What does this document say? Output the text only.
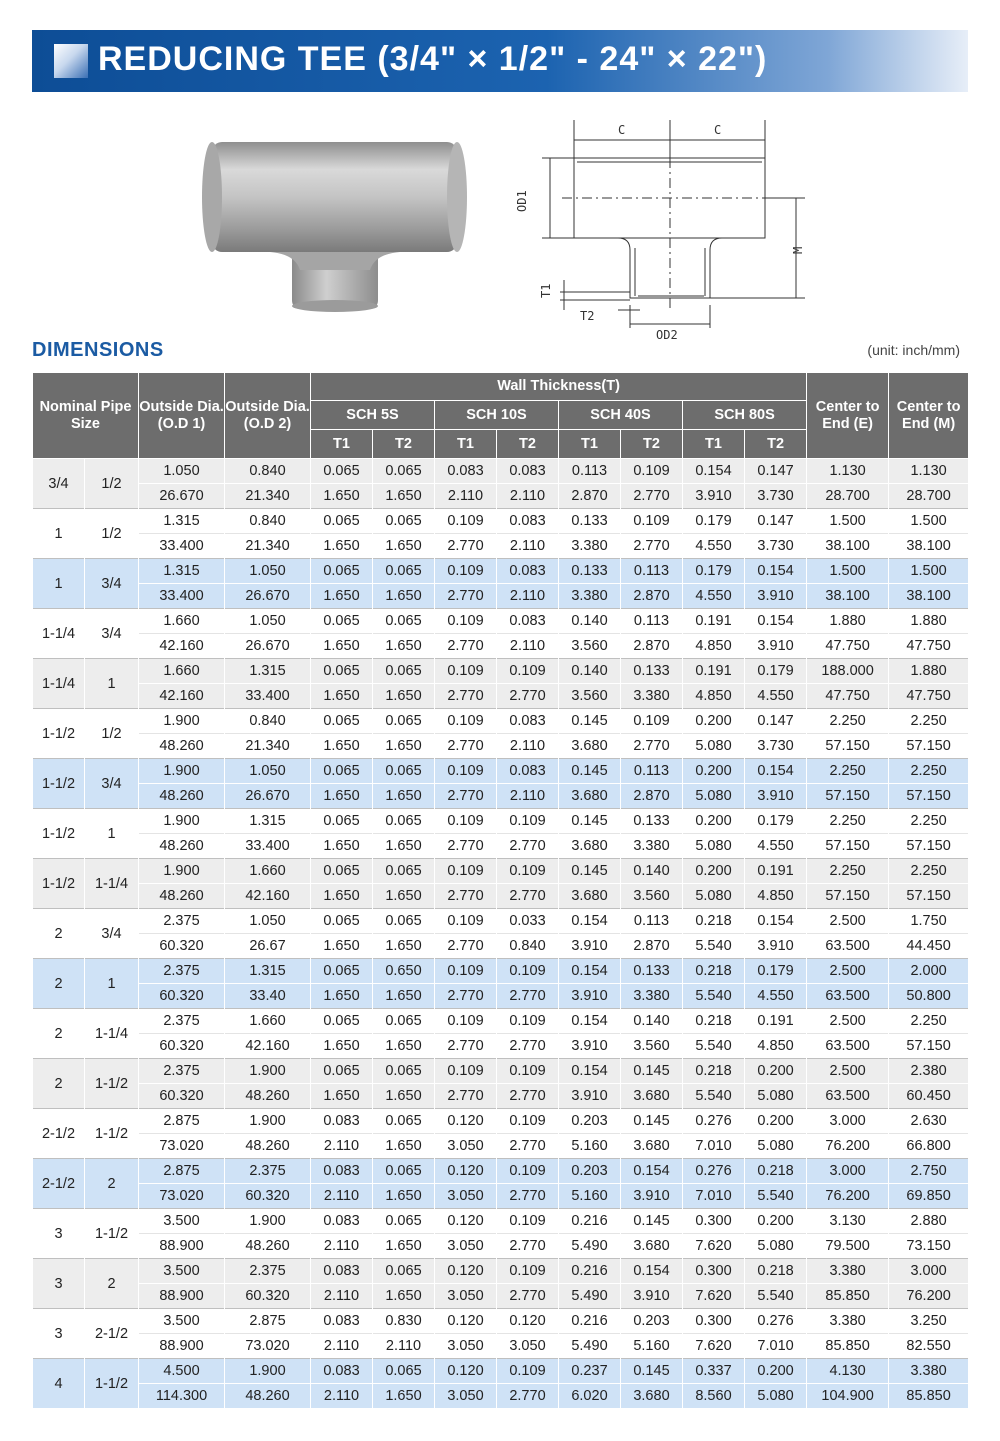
REDUCING TEE (3/4" × 1/2" - 24" × 22")
C	C
OD1
T1
T2
OD2
M
DIMENSIONS	(unit: inch/mm)
Nominal Pipe Size		Outside Dia. (O.D 1)	Outside Dia. (O.D 2)	Wall Thickness(T)								Center to End (E)	Center to End (M)
				SCH 5S		SCH 10S		SCH 40S		SCH 80S			
				T1	T2	T1	T2	T1	T2	T1	T2		
3/4	1/2	1.050	0.840	0.065	0.065	0.083	0.083	0.113	0.109	0.154	0.147	1.130	1.130
		26.670	21.340	1.650	1.650	2.110	2.110	2.870	2.770	3.910	3.730	28.700	28.700
1	1/2	1.315	0.840	0.065	0.065	0.109	0.083	0.133	0.109	0.179	0.147	1.500	1.500
		33.400	21.340	1.650	1.650	2.770	2.110	3.380	2.770	4.550	3.730	38.100	38.100
1	3/4	1.315	1.050	0.065	0.065	0.109	0.083	0.133	0.113	0.179	0.154	1.500	1.500
		33.400	26.670	1.650	1.650	2.770	2.110	3.380	2.870	4.550	3.910	38.100	38.100
1-1/4	3/4	1.660	1.050	0.065	0.065	0.109	0.083	0.140	0.113	0.191	0.154	1.880	1.880
		42.160	26.670	1.650	1.650	2.770	2.110	3.560	2.870	4.850	3.910	47.750	47.750
1-1/4	1	1.660	1.315	0.065	0.065	0.109	0.109	0.140	0.133	0.191	0.179	188.000	1.880
		42.160	33.400	1.650	1.650	2.770	2.770	3.560	3.380	4.850	4.550	47.750	47.750
1-1/2	1/2	1.900	0.840	0.065	0.065	0.109	0.083	0.145	0.109	0.200	0.147	2.250	2.250
		48.260	21.340	1.650	1.650	2.770	2.110	3.680	2.770	5.080	3.730	57.150	57.150
1-1/2	3/4	1.900	1.050	0.065	0.065	0.109	0.083	0.145	0.113	0.200	0.154	2.250	2.250
		48.260	26.670	1.650	1.650	2.770	2.110	3.680	2.870	5.080	3.910	57.150	57.150
1-1/2	1	1.900	1.315	0.065	0.065	0.109	0.109	0.145	0.133	0.200	0.179	2.250	2.250
		48.260	33.400	1.650	1.650	2.770	2.770	3.680	3.380	5.080	4.550	57.150	57.150
1-1/2	1-1/4	1.900	1.660	0.065	0.065	0.109	0.109	0.145	0.140	0.200	0.191	2.250	2.250
		48.260	42.160	1.650	1.650	2.770	2.770	3.680	3.560	5.080	4.850	57.150	57.150
2	3/4	2.375	1.050	0.065	0.065	0.109	0.033	0.154	0.113	0.218	0.154	2.500	1.750
		60.320	26.67	1.650	1.650	2.770	0.840	3.910	2.870	5.540	3.910	63.500	44.450
2	1	2.375	1.315	0.065	0.650	0.109	0.109	0.154	0.133	0.218	0.179	2.500	2.000
		60.320	33.40	1.650	1.650	2.770	2.770	3.910	3.380	5.540	4.550	63.500	50.800
2	1-1/4	2.375	1.660	0.065	0.065	0.109	0.109	0.154	0.140	0.218	0.191	2.500	2.250
		60.320	42.160	1.650	1.650	2.770	2.770	3.910	3.560	5.540	4.850	63.500	57.150
2	1-1/2	2.375	1.900	0.065	0.065	0.109	0.109	0.154	0.145	0.218	0.200	2.500	2.380
		60.320	48.260	1.650	1.650	2.770	2.770	3.910	3.680	5.540	5.080	63.500	60.450
2-1/2	1-1/2	2.875	1.900	0.083	0.065	0.120	0.109	0.203	0.145	0.276	0.200	3.000	2.630
		73.020	48.260	2.110	1.650	3.050	2.770	5.160	3.680	7.010	5.080	76.200	66.800
2-1/2	2	2.875	2.375	0.083	0.065	0.120	0.109	0.203	0.154	0.276	0.218	3.000	2.750
		73.020	60.320	2.110	1.650	3.050	2.770	5.160	3.910	7.010	5.540	76.200	69.850
3	1-1/2	3.500	1.900	0.083	0.065	0.120	0.109	0.216	0.145	0.300	0.200	3.130	2.880
		88.900	48.260	2.110	1.650	3.050	2.770	5.490	3.680	7.620	5.080	79.500	73.150
3	2	3.500	2.375	0.083	0.065	0.120	0.109	0.216	0.154	0.300	0.218	3.380	3.000
		88.900	60.320	2.110	1.650	3.050	2.770	5.490	3.910	7.620	5.540	85.850	76.200
3	2-1/2	3.500	2.875	0.083	0.830	0.120	0.120	0.216	0.203	0.300	0.276	3.380	3.250
		88.900	73.020	2.110	2.110	3.050	3.050	5.490	5.160	7.620	7.010	85.850	82.550
4	1-1/2	4.500	1.900	0.083	0.065	0.120	0.109	0.237	0.145	0.337	0.200	4.130	3.380
		114.300	48.260	2.110	1.650	3.050	2.770	6.020	3.680	8.560	5.080	104.900	85.850
